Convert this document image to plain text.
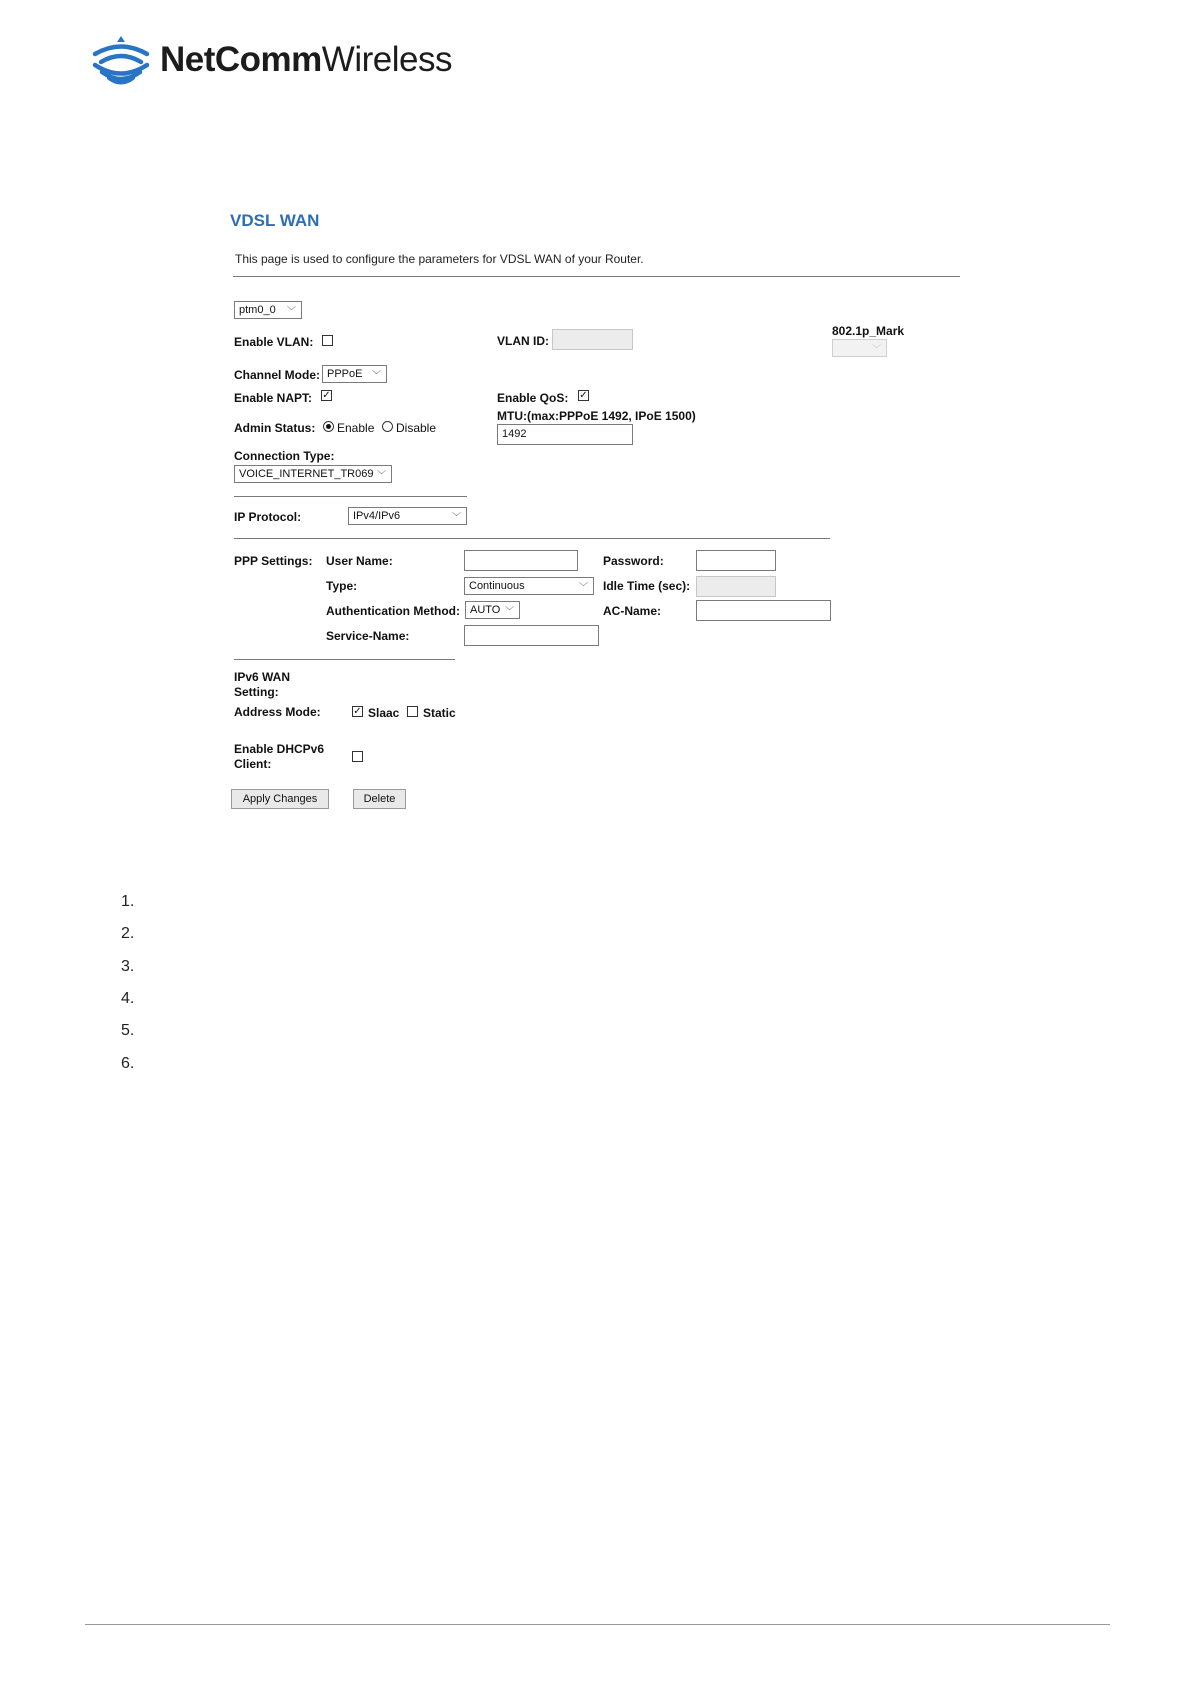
NetCommWireless
VDSL WAN
This page is used to configure the parameters for VDSL WAN of your Router.
ptm0_0 ﹀
Enable VLAN:	VLAN ID:
802.1p_Mark
﹀
Channel Mode: PPPoE ﹀
Enable NAPT: ✓	Enable QoS: ✓
MTU:(max:PPPoE 1492, IPoE 1500)
1492
Admin Status: Enable Disable
Connection Type:
VOICE_INTERNET_TR069 ﹀
IP Protocol:	IPv4/IPv6	﹀
PPP Settings: User Name:	Password:
Type:	Continuous	﹀ Idle Time (sec):
Authentication Method: AUTO ﹀	AC-Name:
Service-Name:
IPv6 WAN
Setting:
Address Mode:	✓ Slaac Static
Enable DHCPv6
Client:
Apply Changes	Delete
1.
2.
3.
4.
5.
6.
